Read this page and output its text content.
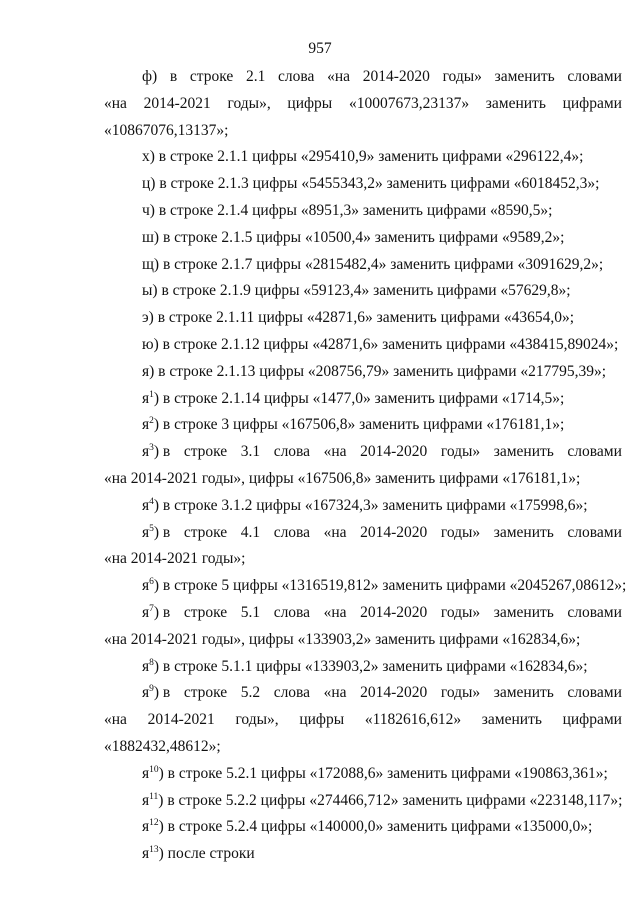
957
ф) в строке 2.1 слова «на 2014-2020 годы» заменить словами
«на 2014-2021 годы», цифры «10007673,23137» заменить цифрами
«10867076,13137»;
х) в строке 2.1.1 цифры «295410,9» заменить цифрами «296122,4»;
ц) в строке 2.1.3 цифры «5455343,2» заменить цифрами «6018452,3»;
ч) в строке 2.1.4 цифры «8951,3» заменить цифрами «8590,5»;
ш) в строке 2.1.5 цифры «10500,4» заменить цифрами «9589,2»;
щ) в строке 2.1.7 цифры «2815482,4» заменить цифрами «3091629,2»;
ы) в строке 2.1.9 цифры «59123,4» заменить цифрами «57629,8»;
э) в строке 2.1.11 цифры «42871,6» заменить цифрами «43654,0»;
ю) в строке 2.1.12 цифры «42871,6» заменить цифрами «438415,89024»;
я) в строке 2.1.13 цифры «208756,79» заменить цифрами «217795,39»;
$я^1$) в строке 2.1.14 цифры «1477,0» заменить цифрами «1714,5»;
$я^2$) в строке 3 цифры «167506,8» заменить цифрами «176181,1»;
$я^3$) в строке 3.1 слова «на 2014-2020 годы» заменить словами
«на 2014-2021 годы», цифры «167506,8» заменить цифрами «176181,1»;
$я^4$) в строке 3.1.2 цифры «167324,3» заменить цифрами «175998,6»;
$я^5$) в строке 4.1 слова «на 2014-2020 годы» заменить словами
«на 2014-2021 годы»;
$я^6$) в строке 5 цифры «1316519,812» заменить цифрами «2045267,08612»;
$я^7$) в строке 5.1 слова «на 2014-2020 годы» заменить словами
«на 2014-2021 годы», цифры «133903,2» заменить цифрами «162834,6»;
$я^8$) в строке 5.1.1 цифры «133903,2» заменить цифрами «162834,6»;
$я^9$) в строке 5.2 слова «на 2014-2020 годы» заменить словами
«на 2014-2021 годы», цифры «1182616,612» заменить цифрами
«1882432,48612»;
$я^{10}$) в строке 5.2.1 цифры «172088,6» заменить цифрами «190863,361»;
$я^{11}$) в строке 5.2.2 цифры «274466,712» заменить цифрами «223148,117»;
$я^{12}$) в строке 5.2.4 цифры «140000,0» заменить цифрами «135000,0»;
$я^{13}$) после строки
